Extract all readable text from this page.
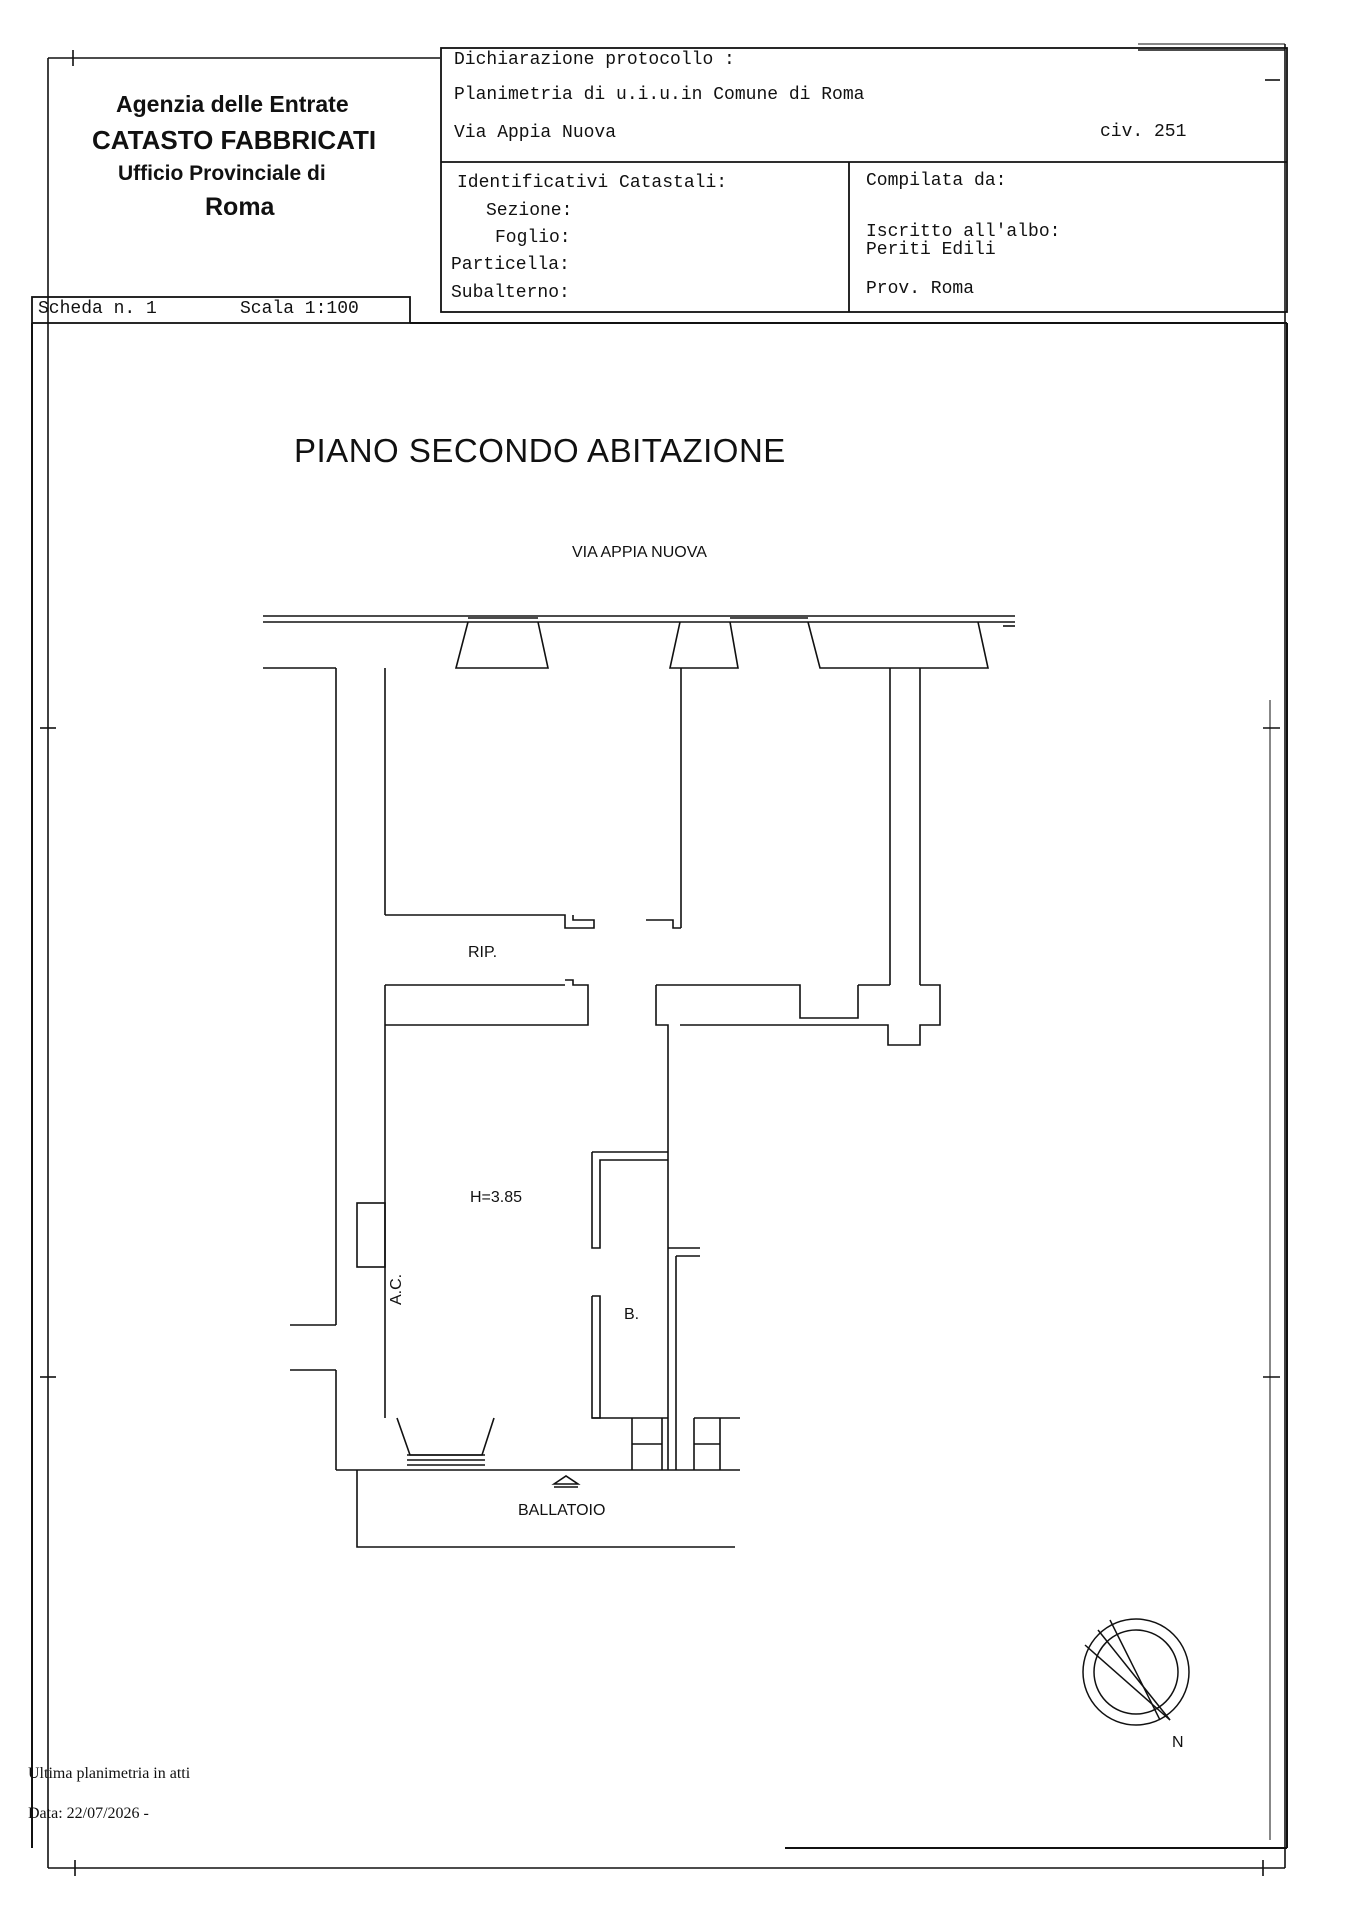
Agenzia delle Entrate
CATASTO FABBRICATI
Ufficio Provinciale di
Roma
Dichiarazione protocollo :
Planimetria di u.i.u.in Comune di Roma
Via Appia Nuova	civ. 251
Identificativi Catastali:
Sezione:
Foglio:
Particella:
Subalterno:
Compilata da:
Iscritto all'albo:
Periti Edili
Prov. Roma
Scheda n. 1	Scala 1:100
PIANO SECONDO ABITAZIONE
VIA APPIA NUOVA
RIP.
H=3.85
A.C.
B.
BALLATOIO
N
Ultima planimetria in atti
Data: 22/07/2026 -
